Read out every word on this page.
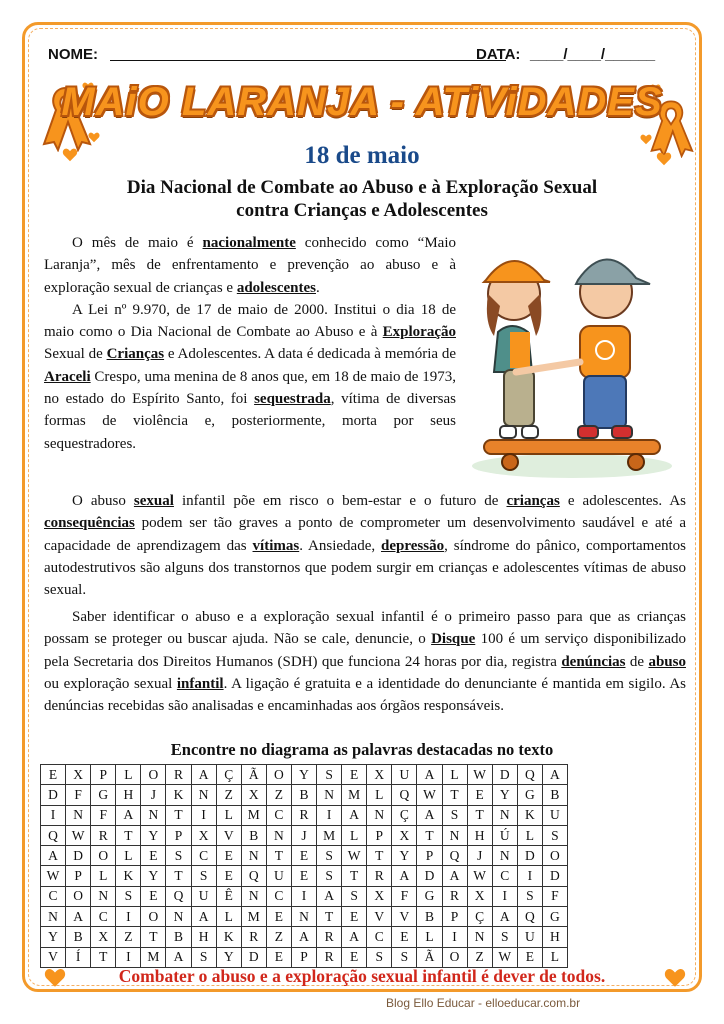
NOME:	DATA: ____/____/______
MAiO LARANJA - ATiViDADES
18 de maio
Dia Nacional de Combate ao Abuso e à Exploração Sexual
contra Crianças e Adolescentes
O mês de maio é nacionalmente conhecido como “Maio Laranja”, mês de enfrentamento e prevenção ao abuso e à exploração sexual de crianças e adolescentes.
A Lei nº 9.970, de 17 de maio de 2000. Institui o dia 18 de maio como o Dia Nacional de Combate ao Abuso e à Exploração Sexual de Crianças e Adolescentes. A data é dedicada à memória de Araceli Crespo, uma menina de 8 anos que, em 18 de maio de 1973, no estado do Espírito Santo, foi sequestrada, vítima de diversas formas de violência e, posteriormente, morta por seus sequestradores.
O abuso sexual infantil põe em risco o bem-estar e o futuro de crianças e adolescentes. As consequências podem ser tão graves a ponto de comprometer um desenvolvimento saudável e até a capacidade de aprendizagem das vítimas. Ansiedade, depressão, síndrome do pânico, comportamentos autodestrutivos são alguns dos transtornos que podem surgir em crianças e adolescentes vítimas de abuso sexual.
Saber identificar o abuso e a exploração sexual infantil é o primeiro passo para que as crianças possam se proteger ou buscar ajuda. Não se cale, denuncie, o Disque 100 é um serviço disponibilizado pela Secretaria dos Direitos Humanos (SDH) que funciona 24 horas por dia, registra denúncias de abuso ou exploração sexual infantil. A ligação é gratuita e a identidade do denunciante é mantida em sigilo. As denúncias recebidas são analisadas e encaminhadas aos órgãos responsáveis.
Encontre no diagrama as palavras destacadas no texto
E	X	P	L	O	R	A	Ç	Ã	O	Y	S	E	X	U	A	L	W	D	Q	A
D	F	G	H	J	K	N	Z	X	Z	B	N	M	L	Q	W	T	E	Y	G	B
I	N	F	A	N	T	I	L	M	C	R	I	A	N	Ç	A	S	T	N	K	U
Q	W	R	T	Y	P	X	V	B	N	J	M	L	P	X	T	N	H	Ú	L	S
A	D	O	L	E	S	C	E	N	T	E	S	W	T	Y	P	Q	J	N	D	O
W	P	L	K	Y	T	S	E	Q	U	E	S	T	R	A	D	A	W	C	I	D
C	O	N	S	E	Q	U	Ê	N	C	I	A	S	X	F	G	R	X	I	S	F
N	A	C	I	O	N	A	L	M	E	N	T	E	V	V	B	P	Ç	A	Q	G
Y	B	X	Z	T	B	H	K	R	Z	A	R	A	C	E	L	I	N	S	U	H
V	Í	T	I	M	A	S	Y	D	E	P	R	E	S	S	Ã	O	Z	W	E	L
Combater o abuso e a exploração sexual infantil é dever de todos.
Blog Ello Educar - elloeducar.com.br
